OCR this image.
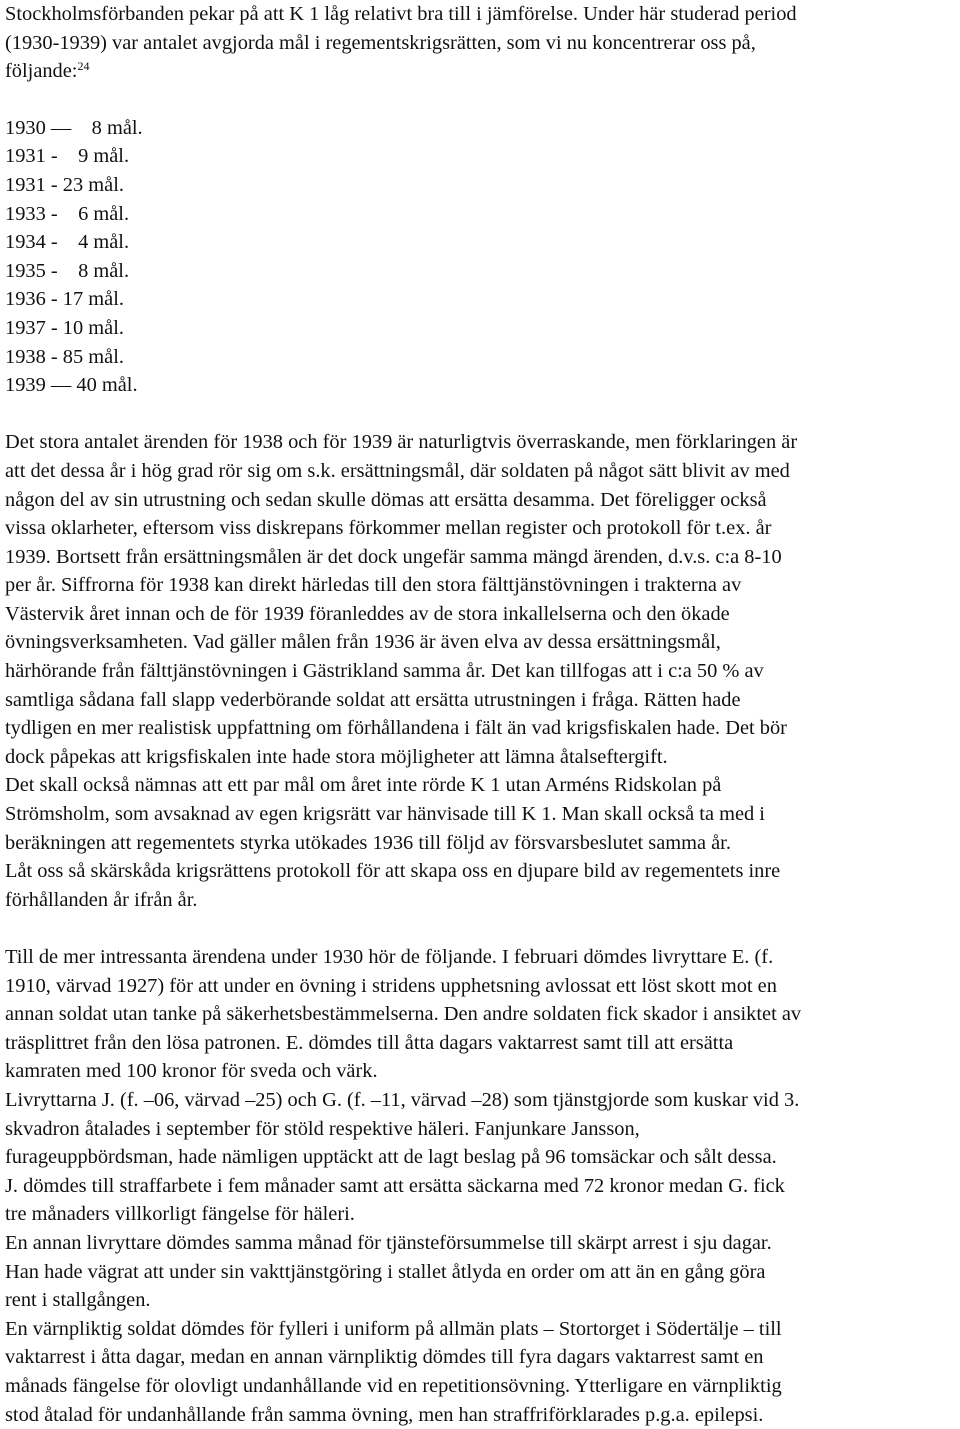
Stockholmsförbanden pekar på att K 1 låg relativt bra till i jämförelse. Under här studerad period
(1930-1939) var antalet avgjorda mål i regementskrigsrätten, som vi nu koncentrerar oss på,
följande:$^{24}$

1930 — 8 mål.
1931 - 9 mål.
1931 - 23 mål.
1933 - 6 mål.
1934 - 4 mål.
1935 - 8 mål.
1936 - 17 mål.
1937 - 10 mål.
1938 - 85 mål.
1939 — 40 mål.

Det stora antalet ärenden för 1938 och för 1939 är naturligtvis överraskande, men förklaringen är
att det dessa år i hög grad rör sig om s.k. ersättningsmål, där soldaten på något sätt blivit av med
någon del av sin utrustning och sedan skulle dömas att ersätta desamma. Det föreligger också
vissa oklarheter, eftersom viss diskrepans förkommer mellan register och protokoll för t.ex. år
1939. Bortsett från ersättningsmålen är det dock ungefär samma mängd ärenden, d.v.s. c:a 8-10
per år. Siffrorna för 1938 kan direkt härledas till den stora fälttjänstövningen i trakterna av
Västervik året innan och de för 1939 föranleddes av de stora inkallelserna och den ökade
övningsverksamheten. Vad gäller målen från 1936 är även elva av dessa ersättningsmål,
härhörande från fälttjänstövningen i Gästrikland samma år. Det kan tillfogas att i c:a 50 % av
samtliga sådana fall slapp vederbörande soldat att ersätta utrustningen i fråga. Rätten hade
tydligen en mer realistisk uppfattning om förhållandena i fält än vad krigsfiskalen hade. Det bör
dock påpekas att krigsfiskalen inte hade stora möjligheter att lämna åtalseftergift.

Det skall också nämnas att ett par mål om året inte rörde K 1 utan Arméns Ridskolan på
Strömsholm, som avsaknad av egen krigsrätt var hänvisade till K 1. Man skall också ta med i
beräkningen att regementets styrka utökades 1936 till följd av försvarsbeslutet samma år.

Låt oss så skärskåda krigsrättens protokoll för att skapa oss en djupare bild av regementets inre
förhållanden år ifrån år.

Till de mer intressanta ärendena under 1930 hör de följande. I februari dömdes livryttare E. (f.
1910, värvad 1927) för att under en övning i stridens upphetsning avlossat ett löst skott mot en
annan soldat utan tanke på säkerhetsbestämmelserna. Den andre soldaten fick skador i ansiktet av
träsplittret från den lösa patronen. E. dömdes till åtta dagars vaktarrest samt till att ersätta
kamraten med 100 kronor för sveda och värk.

Livryttarna J. (f. –06, värvad –25) och G. (f. –11, värvad –28) som tjänstgjorde som kuskar vid 3.
skvadron åtalades i september för stöld respektive häleri. Fanjunkare Jansson,
furageuppbördsman, hade nämligen upptäckt att de lagt beslag på 96 tomsäckar och sålt dessa.
J. dömdes till straffarbete i fem månader samt att ersätta säckarna med 72 kronor medan G. fick
tre månaders villkorligt fängelse för häleri.

En annan livryttare dömdes samma månad för tjänsteförsummelse till skärpt arrest i sju dagar.
Han hade vägrat att under sin vakttjänstgöring i stallet åtlyda en order om att än en gång göra
rent i stallgången.

En värnpliktig soldat dömdes för fylleri i uniform på allmän plats – Stortorget i Södertälje – till
vaktarrest i åtta dagar, medan en annan värnpliktig dömdes till fyra dagars vaktarrest samt en
månads fängelse för olovligt undanhållande vid en repetitionsövning. Ytterligare en värnpliktig
stod åtalad för undanhållande från samma övning, men han straffriförklarades p.g.a. epilepsi.
